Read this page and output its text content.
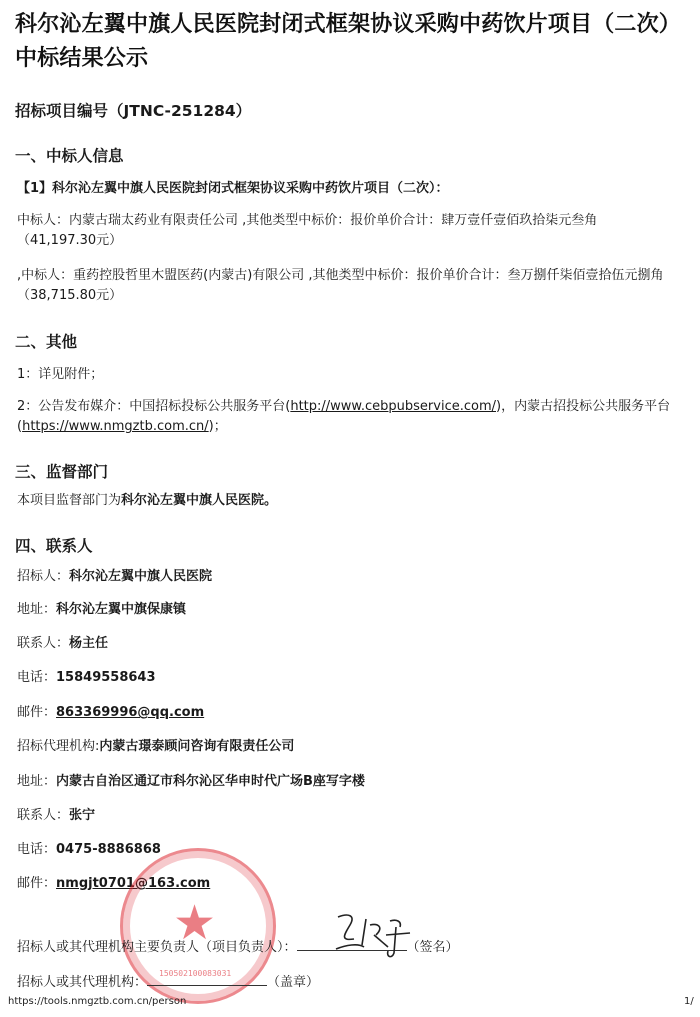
科尔沁左翼中旗人民医院封闭式框架协议采购中药饮片项目（二次）中标结果公示
招标项目编号（JTNC-251284）
一、中标人信息
【1】科尔沁左翼中旗人民医院封闭式框架协议采购中药饮片项目（二次）：
中标人：内蒙古瑞太药业有限责任公司 ,其他类型中标价：报价单价合计：肆万壹仟壹佰玖拾柒元叁角（41,197.30元）
,中标人：重药控股哲里木盟医药(内蒙古)有限公司 ,其他类型中标价：报价单价合计：叁万捌仟柒佰壹拾伍元捌角（38,715.80元）
二、其他
1：详见附件；
2：公告发布媒介：中国招标投标公共服务平台(http://www.cebpubservice.com/)，内蒙古招投标公共服务平台(https://www.nmgztb.com.cn/)；
三、监督部门
本项目监督部门为科尔沁左翼中旗人民医院。
四、联系人
招标人：科尔沁左翼中旗人民医院
地址：科尔沁左翼中旗保康镇
联系人：杨主任
电话：15849558643
邮件：863369996@qq.com
招标代理机构:内蒙古璟泰顾问咨询有限责任公司
地址：内蒙古自治区通辽市科尔沁区华申时代广场B座写字楼
联系人：张宁
电话：0475-8886868
邮件：nmgjt0701@163.com
★
150502100083031
招标人或其代理机构主要负责人（项目负责人）：	（签名）
招标人或其代理机构：	（盖章）
https://tools.nmgztb.com.cn/person	1/
